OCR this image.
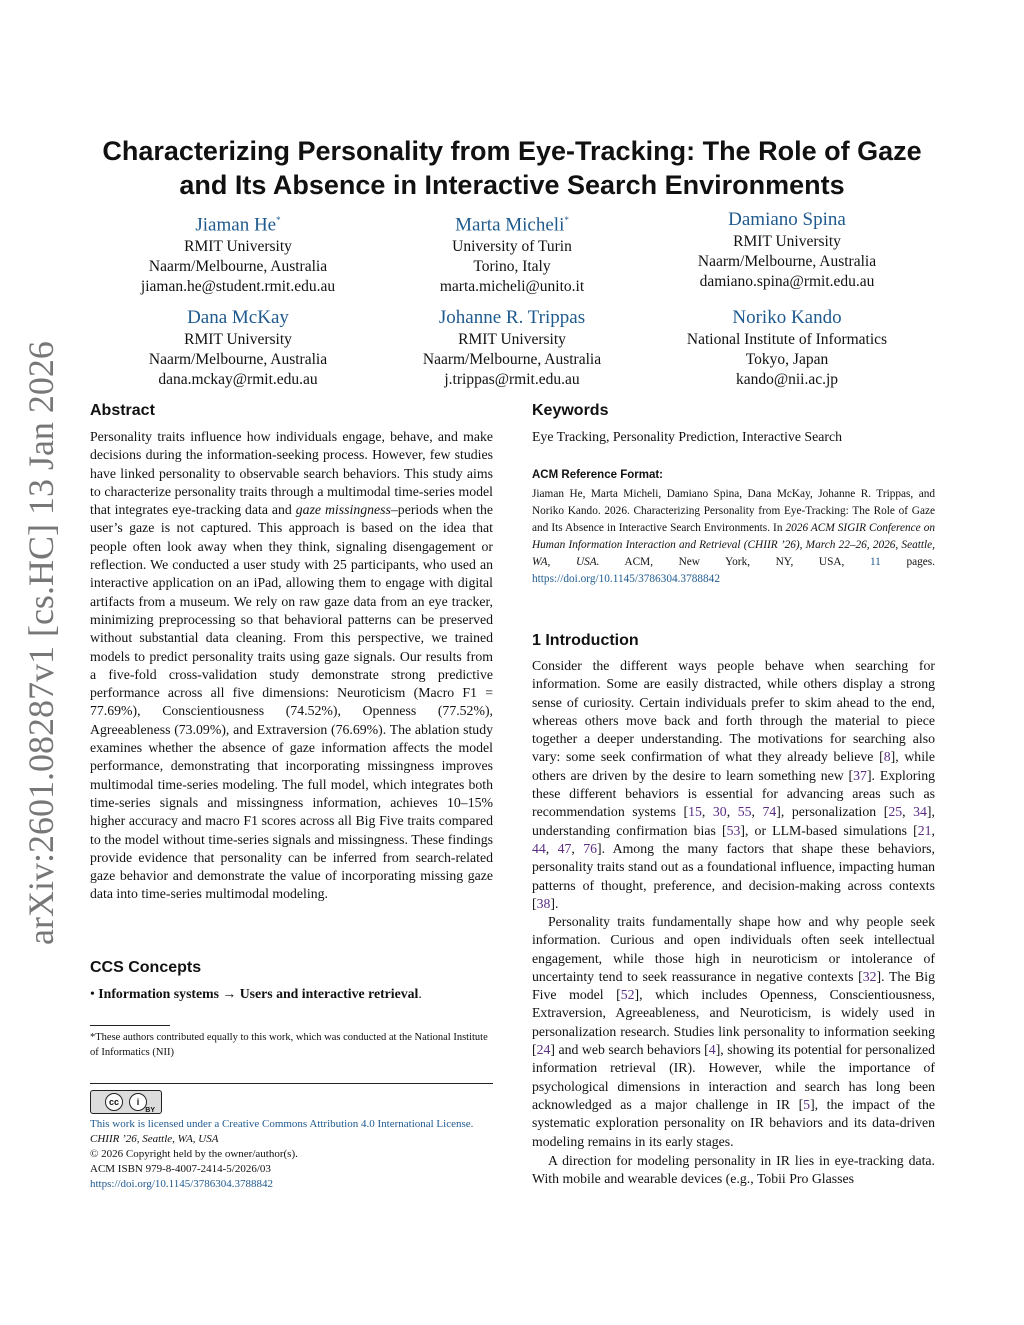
arXiv:2601.08287v1 [cs.HC] 13 Jan 2026
Characterizing Personality from Eye-Tracking: The Role of Gaze
and Its Absence in Interactive Search Environments
Jiaman He*
RMIT University
Naarm/Melbourne, Australia
jiaman.he@student.rmit.edu.au
Marta Micheli*
University of Turin
Torino, Italy
marta.micheli@unito.it
Damiano Spina
RMIT University
Naarm/Melbourne, Australia
damiano.spina@rmit.edu.au
Dana McKay
RMIT University
Naarm/Melbourne, Australia
dana.mckay@rmit.edu.au
Johanne R. Trippas
RMIT University
Naarm/Melbourne, Australia
j.trippas@rmit.edu.au
Noriko Kando
National Institute of Informatics
Tokyo, Japan
kando@nii.ac.jp
Abstract

Personality traits influence how individuals engage, behave, and make decisions during the information-seeking process. However, few studies have linked personality to observable search behaviors. This study aims to characterize personality traits through a multimodal time-series model that integrates eye-tracking data and gaze missingness–periods when the user’s gaze is not captured. This approach is based on the idea that people often look away when they think, signaling disengagement or reflection. We conducted a user study with 25 participants, who used an interactive application on an iPad, allowing them to engage with digital artifacts from a museum. We rely on raw gaze data from an eye tracker, minimizing preprocessing so that behavioral patterns can be preserved without substantial data cleaning. From this perspective, we trained models to predict personality traits using gaze signals. Our results from a five-fold cross-validation study demonstrate strong predictive performance across all five dimensions: Neuroticism (Macro F1 = 77.69%), Conscientiousness (74.52%), Openness (77.52%), Agreeableness (73.09%), and Extraversion (76.69%). The ablation study examines whether the absence of gaze information affects the model performance, demonstrating that incorporating missingness improves multimodal time-series modeling. The full model, which integrates both time-series signals and missingness information, achieves 10–15% higher accuracy and macro F1 scores across all Big Five traits compared to the model without time-series signals and missingness. These findings provide evidence that personality can be inferred from search-related gaze behavior and demonstrate the value of incorporating missing gaze data into time-series multimodal modeling.

CCS Concepts

• Information systems → Users and interactive retrieval.

*These authors contributed equally to this work, which was conducted at the National Institute of Informatics (NII)

cc	i
BY

This work is licensed under a Creative Commons Attribution 4.0 International License.
CHIIR ’26, Seattle, WA, USA
© 2026 Copyright held by the owner/author(s).
ACM ISBN 979-8-4007-2414-5/2026/03
https://doi.org/10.1145/3786304.3788842

Keywords

Eye Tracking, Personality Prediction, Interactive Search

ACM Reference Format:

Jiaman He, Marta Micheli, Damiano Spina, Dana McKay, Johanne R. Trippas, and Noriko Kando. 2026. Characterizing Personality from Eye-Tracking: The Role of Gaze and Its Absence in Interactive Search Environments. In 2026 ACM SIGIR Conference on Human Information Interaction and Retrieval (CHIIR ’26), March 22–26, 2026, Seattle, WA, USA. ACM, New York, NY, USA, 11 pages. https://doi.org/10.1145/3786304.3788842

1 Introduction

Consider the different ways people behave when searching for information. Some are easily distracted, while others display a strong sense of curiosity. Certain individuals prefer to skim ahead to the end, whereas others move back and forth through the material to piece together a deeper understanding. The motivations for searching also vary: some seek confirmation of what they already believe [8], while others are driven by the desire to learn something new [37]. Exploring these different behaviors is essential for advancing areas such as recommendation systems [15, 30, 55, 74], personalization [25, 34], understanding confirmation bias [53], or LLM-based simulations [21, 44, 47, 76]. Among the many factors that shape these behaviors, personality traits stand out as a foundational influence, impacting human patterns of thought, preference, and decision-making across contexts [38].

Personality traits fundamentally shape how and why people seek information. Curious and open individuals often seek intellectual engagement, while those high in neuroticism or intolerance of uncertainty tend to seek reassurance in negative contexts [32]. The Big Five model [52], which includes Openness, Conscientiousness, Extraversion, Agreeableness, and Neuroticism, is widely used in personalization research. Studies link personality to information seeking [24] and web search behaviors [4], showing its potential for personalized information retrieval (IR). However, while the importance of psychological dimensions in interaction and search has long been acknowledged as a major challenge in IR [5], the impact of the systematic exploration personality on IR behaviors and its data-driven modeling remains in its early stages.

A direction for modeling personality in IR lies in eye-tracking data. With mobile and wearable devices (e.g., Tobii Pro Glasses
